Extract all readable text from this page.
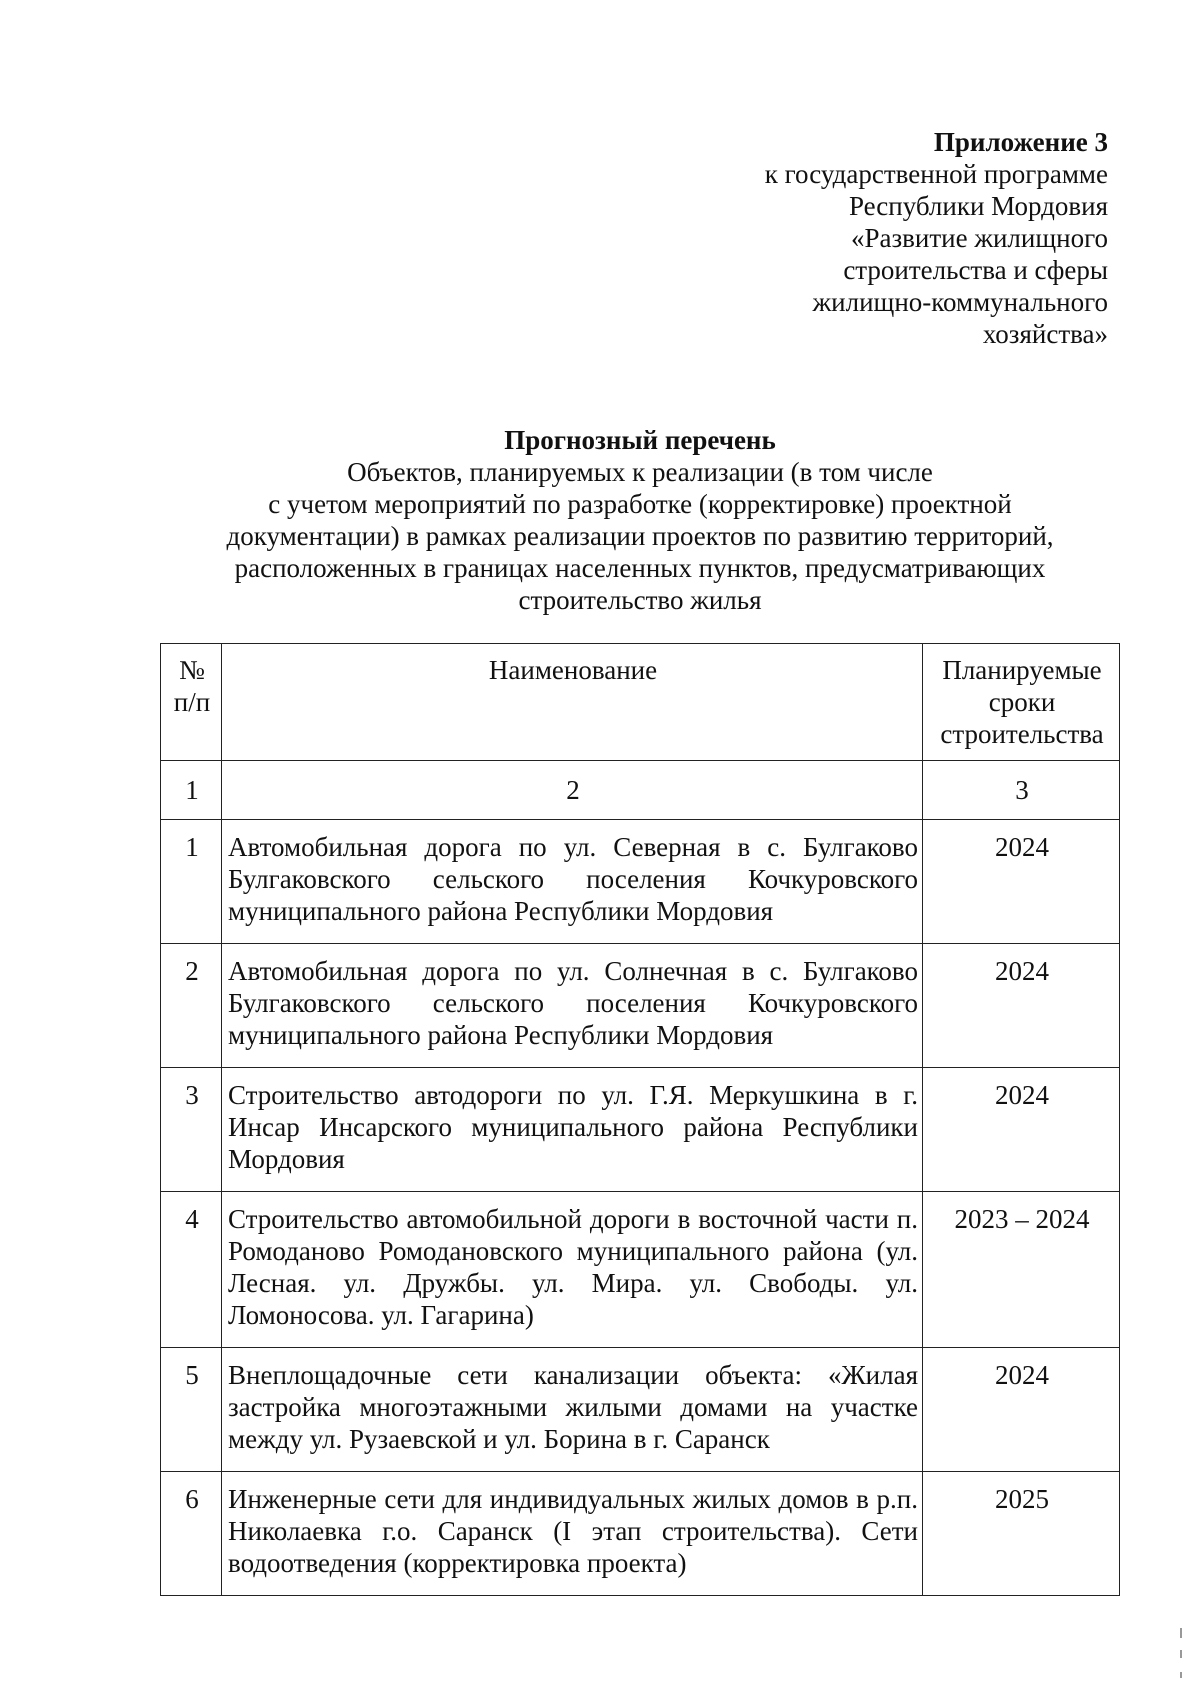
Приложение 3
к государственной программе
Республики Мордовия
«Развитие жилищного
строительства и сферы
жилищно-коммунального
хозяйства»
Прогнозный перечень
Объектов, планируемых к реализации (в том числе
с учетом мероприятий по разработке (корректировке) проектной
документации) в рамках реализации проектов по развитию территорий,
расположенных в границах населенных пунктов, предусматривающих
строительство жилья
№ п/п	Наименование	Планируемые сроки строительства
1	2	3
1	Автомобильная дорога по ул. Северная в с. Булгаково Булгаковского сельского поселения Кочкуровского муниципального района Республики Мордовия	2024
2	Автомобильная дорога по ул. Солнечная в с. Булгаково Булгаковского сельского поселения Кочкуровского муниципального района Республики Мордовия	2024
3	Строительство автодороги по ул. Г.Я. Меркушкина в г. Инсар Инсарского муниципального района Республики Мордовия	2024
4	Строительство автомобильной дороги в восточной части п. Ромоданово Ромодановского муниципального района (ул. Лесная. ул. Дружбы. ул. Мира. ул. Свободы. ул. Ломоносова. ул. Гагарина)	2023 – 2024
5	Внеплощадочные сети канализации объекта: «Жилая застройка многоэтажными жилыми домами на участке между ул. Рузаевской и ул. Борина в г. Саранск	2024
6	Инженерные сети для индивидуальных жилых домов в р.п. Николаевка г.о. Саранск (I этап строительства). Сети водоотведения (корректировка проекта)	2025
